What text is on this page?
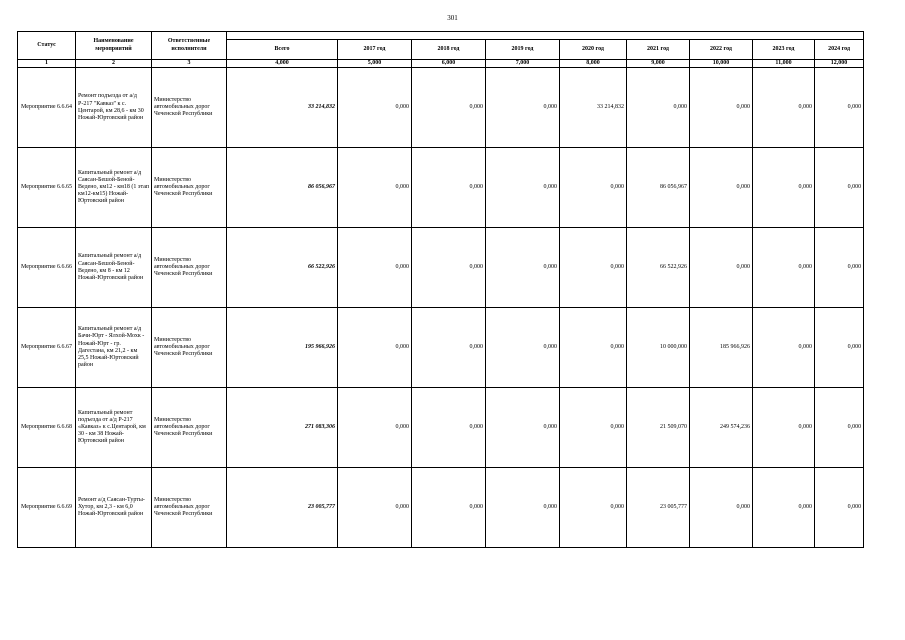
301
Статус	Наименование мероприятий	Ответственные исполнители									
			Всего	2017 год	2018 год	2019 год	2020 год	2021 год	2022 год	2023 год	2024 год
1	2	3	4,000	5,000	6,000	7,000	8,000	9,000	10,000	11,000	12,000
Мероприятие 6.6.64	Ремонт подъезда от а/д Р-217 "Кавказ" к с. Центарой, км 28,6 - км 30 Ножай-Юртовский район	Министерство автомобильных дорог Чеченской Республики	33 214,832	0,000	0,000	0,000	33 214,832	0,000	0,000	0,000	0,000
Мероприятие 6.6.65	Капитальный ремонт а/д Саясан-Бешой-Беной-Ведено, км12 - км18 (1 этап км12-км15) Ножай-Юртовский район	Министерство автомобильных дорог Чеченской Республики	86 056,967	0,000	0,000	0,000	0,000	86 056,967	0,000	0,000	0,000
Мероприятие 6.6.66	Капитальный ремонт а/д Саясан-Бешой-Беной-Ведено, км 8 - км 12 Ножай-Юртовский район	Министерство автомобильных дорог Чеченской Республики	66 522,926	0,000	0,000	0,000	0,000	66 522,926	0,000	0,000	0,000
Мероприятие 6.6.67	Капитальный ремонт а/д Бачи-Юрт - Ялхой-Мохк - Ножай-Юрт - гр. Дагестана, км 21,2 - км 25,5 Ножай-Юртовский район	Министерство автомобильных дорог Чеченской Республики	195 966,926	0,000	0,000	0,000	0,000	10 000,000	185 966,926	0,000	0,000
Мероприятие 6.6.68	Капитальный ремонт подъезда от а/д Р-217 «Кавказ» к с.Центарой, км 30 - км 38 Ножай-Юртовский район	Министерство автомобильных дорог Чеченской Республики	271 083,306	0,000	0,000	0,000	0,000	21 509,070	249 574,236	0,000	0,000
Мероприятие 6.6.69	Ремонт а/д Саясан-Турты-Хутор, км 2,3 - км 6,0 Ножай-Юртовский район	Министерство автомобильных дорог Чеченской Республики	23 005,777	0,000	0,000	0,000	0,000	23 005,777	0,000	0,000	0,000
